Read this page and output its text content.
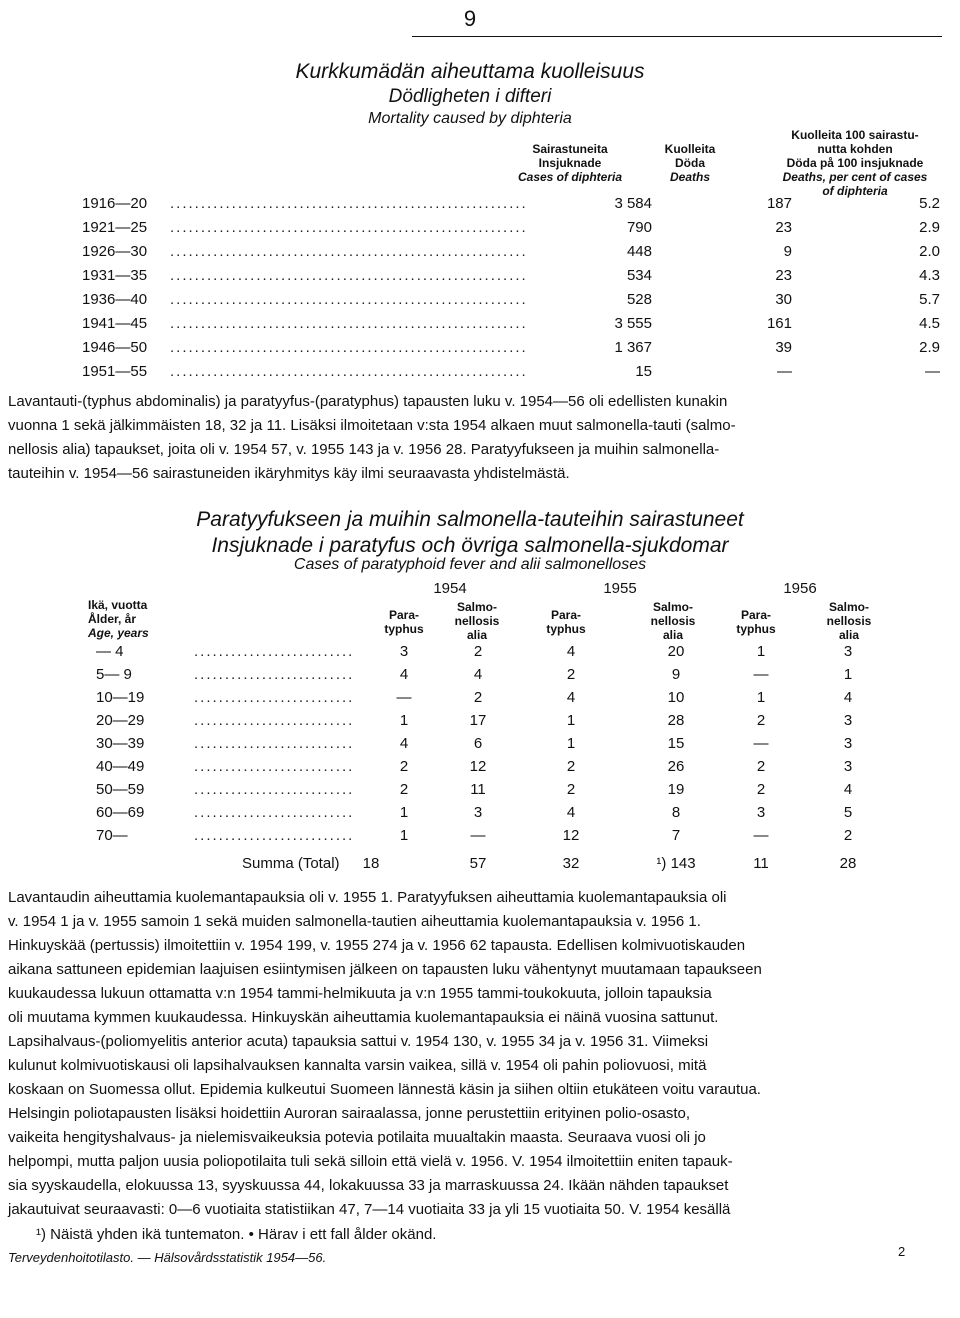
9
Kurkkumädän aiheuttama kuolleisuus
Dödligheten i difteri
Mortality caused by diphteria
Sairastuneita
Insjuknade
Cases of diphteria
Kuolleita
Döda
Deaths
Kuolleita 100 sairastu-
nutta kohden
Döda på 100 insjuknade
Deaths, per cent of cases
of diphteria
1916—20	..........................................................	3 584	187	5.2
1921—25	..........................................................	790	23	2.9
1926—30	..........................................................	448	9	2.0
1931—35	..........................................................	534	23	4.3
1936—40	..........................................................	528	30	5.7
1941—45	..........................................................	3 555	161	4.5
1946—50	..........................................................	1 367	39	2.9
1951—55	..........................................................	15	—	—
Lavantauti-(typhus abdominalis) ja paratyyfus-(paratyphus) tapausten luku v. 1954—56 oli edellisten kunakin
vuonna 1 sekä jälkimmäisten 18, 32 ja 11. Lisäksi ilmoitetaan v:sta 1954 alkaen muut salmonella-tauti (salmo-
nellosis alia) tapaukset, joita oli v. 1954 57, v. 1955 143 ja v. 1956 28. Paratyyfukseen ja muihin salmonella-
tauteihin v. 1954—56 sairastuneiden ikäryhmitys käy ilmi seuraavasta yhdistelmästä.
Paratyyfukseen ja muihin salmonella-tauteihin sairastuneet
Insjuknade i paratyfus och övriga salmonella-sjukdomar
Cases of paratyphoid fever and alii salmonelloses
1954	1955	1956
Ikä, vuotta
Ålder, år
Age, years
Para-
typhus
Salmo-
nellosis
alia
Para-
typhus
Salmo-
nellosis
alia
Para-
typhus
Salmo-
nellosis
alia
— 4	..........................	3	2	4	20	1	3
5— 9	..........................	4	4	2	9	—	1
10—19	..........................	—	2	4	10	1	4
20—29	..........................	1	17	1	28	2	3
30—39	..........................	4	6	1	15	—	3
40—49	..........................	2	12	2	26	2	3
50—59	..........................	2	11	2	19	2	4
60—69	..........................	1	3	4	8	3	5
70—	..........................	1	—	12	7	—	2
Summa (Total)	18	57	32	¹) 143	11	28
Lavantaudin aiheuttamia kuolemantapauksia oli v. 1955 1. Paratyyfuksen aiheuttamia kuolemantapauksia oli
v. 1954 1 ja v. 1955 samoin 1 sekä muiden salmonella-tautien aiheuttamia kuolemantapauksia v. 1956 1.
Hinkuyskää (pertussis) ilmoitettiin v. 1954 199, v. 1955 274 ja v. 1956 62 tapausta. Edellisen kolmivuotiskauden
aikana sattuneen epidemian laajuisen esiintymisen jälkeen on tapausten luku vähentynyt muutamaan tapaukseen
kuukaudessa lukuun ottamatta v:n 1954 tammi-helmikuuta ja v:n 1955 tammi-toukokuuta, jolloin tapauksia
oli muutama kymmen kuukaudessa. Hinkuyskän aiheuttamia kuolemantapauksia ei näinä vuosina sattunut.
Lapsihalvaus-(poliomyelitis anterior acuta) tapauksia sattui v. 1954 130, v. 1955 34 ja v. 1956 31. Viimeksi
kulunut kolmivuotiskausi oli lapsihalvauksen kannalta varsin vaikea, sillä v. 1954 oli pahin poliovuosi, mitä
koskaan on Suomessa ollut. Epidemia kulkeutui Suomeen lännestä käsin ja siihen oltiin etukäteen voitu varautua.
Helsingin poliotapausten lisäksi hoidettiin Auroran sairaalassa, jonne perustettiin erityinen polio-osasto,
vaikeita hengityshalvaus- ja nielemisvaikeuksia potevia potilaita muualtakin maasta. Seuraava vuosi oli jo
helpompi, mutta paljon uusia poliopotilaita tuli sekä silloin että vielä v. 1956. V. 1954 ilmoitettiin eniten tapauk-
sia syyskaudella, elokuussa 13, syyskuussa 44, lokakuussa 33 ja marraskuussa 24. Ikään nähden tapaukset
jakautuivat seuraavasti: 0—6 vuotiaita statistiikan 47, 7—14 vuotiaita 33 ja yli 15 vuotiaita 50. V. 1954 kesällä
¹) Näistä yhden ikä tuntematon. • Härav i ett fall ålder okänd.
Terveydenhoitotilasto. — Hälsovårdsstatistik 1954—56.	2
